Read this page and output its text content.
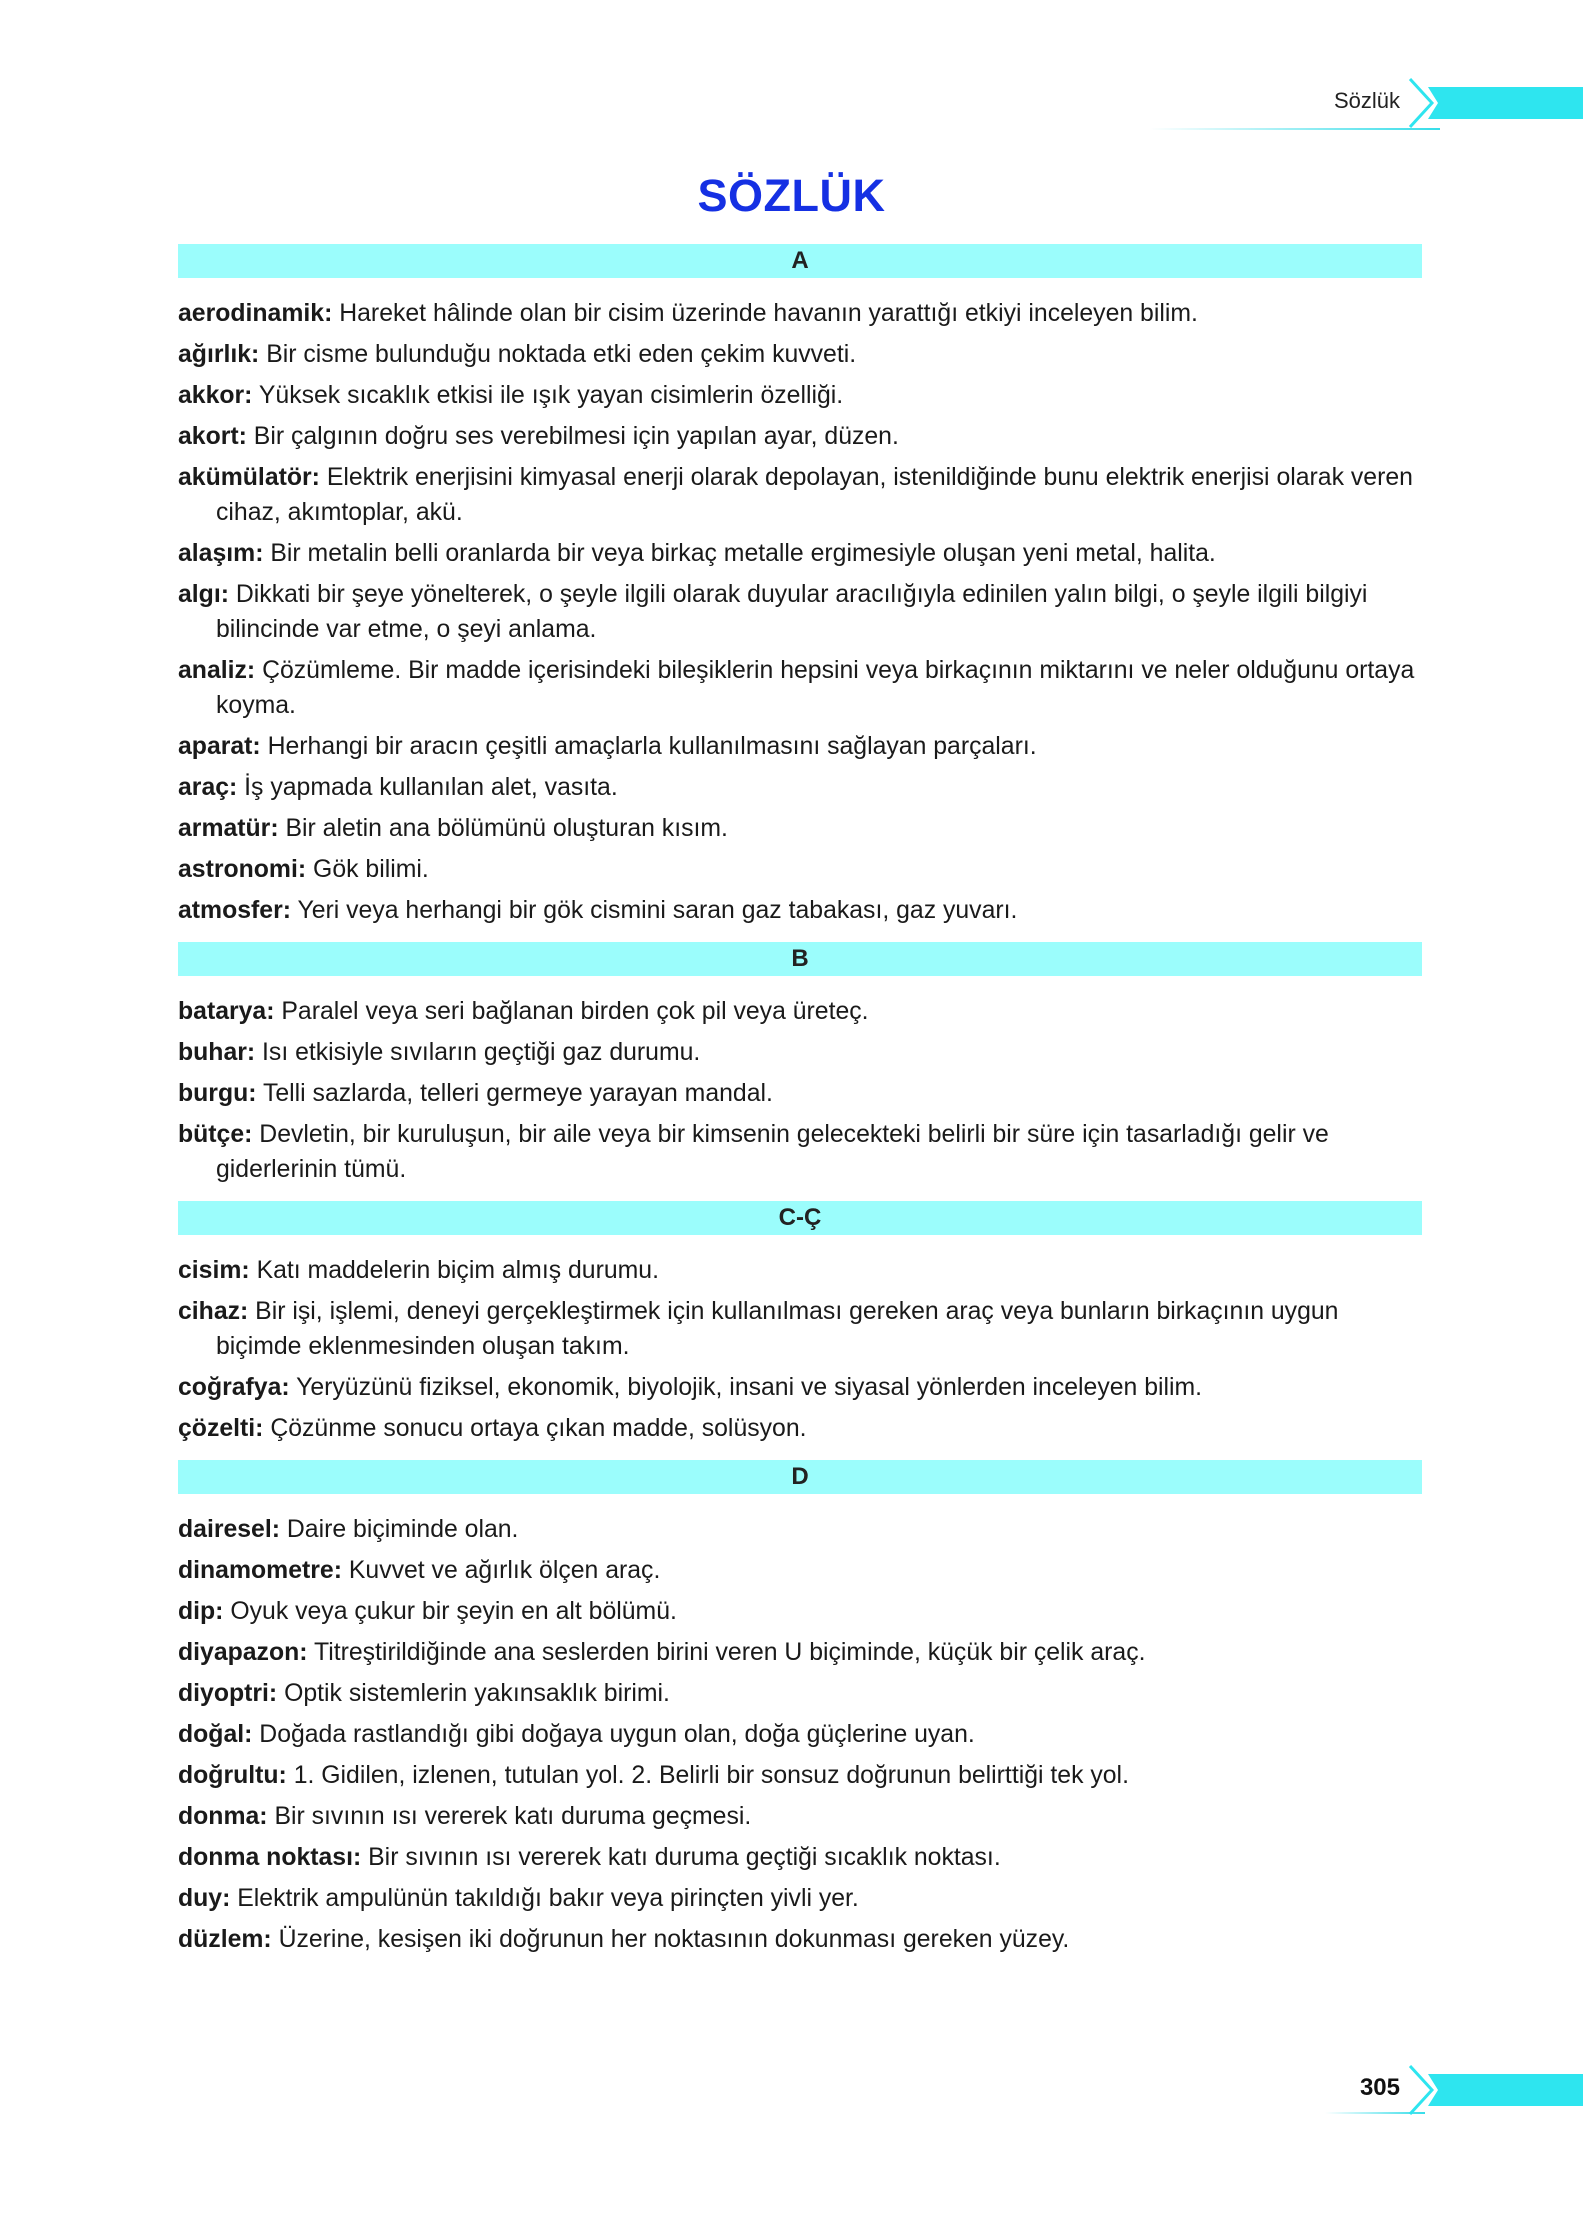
Sözlük
SÖZLÜK
A
aerodinamik: Hareket hâlinde olan bir cisim üzerinde havanın yarattığı etkiyi inceleyen bilim.
ağırlık: Bir cisme bulunduğu noktada etki eden çekim kuvveti.
akkor: Yüksek sıcaklık etkisi ile ışık yayan cisimlerin özelliği.
akort: Bir çalgının doğru ses verebilmesi için yapılan ayar, düzen.
akümülatör: Elektrik enerjisini kimyasal enerji olarak depolayan, istenildiğinde bunu elektrik enerjisi olarak veren cihaz, akımtoplar, akü.
alaşım: Bir metalin belli oranlarda bir veya birkaç metalle ergimesiyle oluşan yeni metal, halita.
algı: Dikkati bir şeye yönelterek, o şeyle ilgili olarak duyular aracılığıyla edinilen yalın bilgi, o şeyle ilgili bilgiyi bilincinde var etme, o şeyi anlama.
analiz: Çözümleme. Bir madde içerisindeki bileşiklerin hepsini veya birkaçının miktarını ve neler olduğunu ortaya koyma.
aparat: Herhangi bir aracın çeşitli amaçlarla kullanılmasını sağlayan parçaları.
araç: İş yapmada kullanılan alet, vasıta.
armatür: Bir aletin ana bölümünü oluşturan kısım.
astronomi: Gök bilimi.
atmosfer: Yeri veya herhangi bir gök cismini saran gaz tabakası, gaz yuvarı.
B
batarya: Paralel veya seri bağlanan birden çok pil veya üreteç.
buhar: Isı etkisiyle sıvıların geçtiği gaz durumu.
burgu: Telli sazlarda, telleri germeye yarayan mandal.
bütçe: Devletin, bir kuruluşun, bir aile veya bir kimsenin gelecekteki belirli bir süre için tasarladığı gelir ve giderlerinin tümü.
C-Ç
cisim: Katı maddelerin biçim almış durumu.
cihaz: Bir işi, işlemi, deneyi gerçekleştirmek için kullanılması gereken araç veya bunların birkaçının uygun biçimde eklenmesinden oluşan takım.
coğrafya: Yeryüzünü fiziksel, ekonomik, biyolojik, insani ve siyasal yönlerden inceleyen bilim.
çözelti: Çözünme sonucu ortaya çıkan madde, solüsyon.
D
dairesel: Daire biçiminde olan.
dinamometre: Kuvvet ve ağırlık ölçen araç.
dip: Oyuk veya çukur bir şeyin en alt bölümü.
diyapazon: Titreştirildiğinde ana seslerden birini veren U biçiminde, küçük bir çelik araç.
diyoptri: Optik sistemlerin yakınsaklık birimi.
doğal: Doğada rastlandığı gibi doğaya uygun olan, doğa güçlerine uyan.
doğrultu: 1. Gidilen, izlenen, tutulan yol. 2. Belirli bir sonsuz doğrunun belirttiği tek yol.
donma: Bir sıvının ısı vererek katı duruma geçmesi.
donma noktası: Bir sıvının ısı vererek katı duruma geçtiği sıcaklık noktası.
duy: Elektrik ampulünün takıldığı bakır veya pirinçten yivli yer.
düzlem: Üzerine, kesişen iki doğrunun her noktasının dokunması gereken yüzey.
305
